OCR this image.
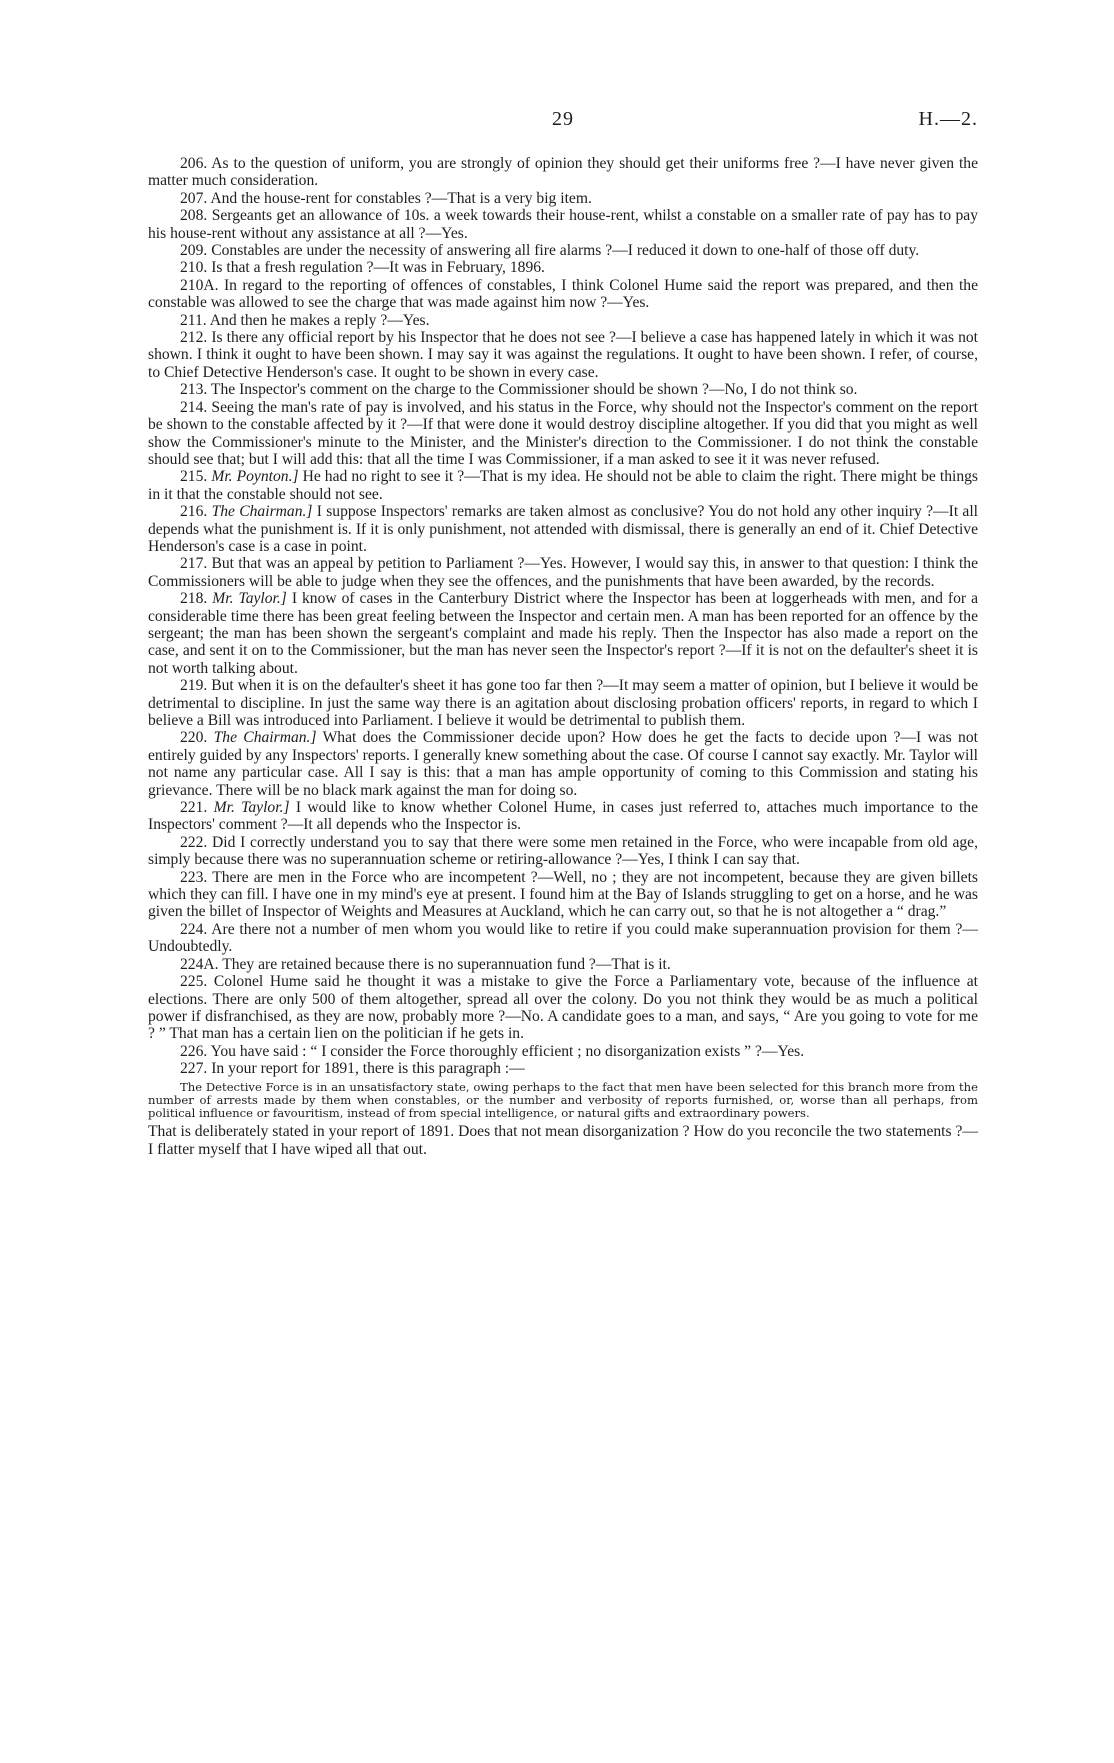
29	H.—2.

206. As to the question of uniform, you are strongly of opinion they should get their uniforms free ?—I have never given the matter much consideration.

207. And the house-rent for constables ?—That is a very big item.

208. Sergeants get an allowance of 10s. a week towards their house-rent, whilst a constable on a smaller rate of pay has to pay his house-rent without any assistance at all ?—Yes.

209. Constables are under the necessity of answering all fire alarms ?—I reduced it down to one-half of those off duty.

210. Is that a fresh regulation ?—It was in February, 1896.

210A. In regard to the reporting of offences of constables, I think Colonel Hume said the report was prepared, and then the constable was allowed to see the charge that was made against him now ?—Yes.

211. And then he makes a reply ?—Yes.

212. Is there any official report by his Inspector that he does not see ?—I believe a case has happened lately in which it was not shown. I think it ought to have been shown. I may say it was against the regulations. It ought to have been shown. I refer, of course, to Chief Detective Henderson's case. It ought to be shown in every case.

213. The Inspector's comment on the charge to the Commissioner should be shown ?—No, I do not think so.

214. Seeing the man's rate of pay is involved, and his status in the Force, why should not the Inspector's comment on the report be shown to the constable affected by it ?—If that were done it would destroy discipline altogether. If you did that you might as well show the Commissioner's minute to the Minister, and the Minister's direction to the Commissioner. I do not think the constable should see that; but I will add this: that all the time I was Commissioner, if a man asked to see it it was never refused.

215. Mr. Poynton.] He had no right to see it ?—That is my idea. He should not be able to claim the right. There might be things in it that the constable should not see.

216. The Chairman.] I suppose Inspectors' remarks are taken almost as conclusive? You do not hold any other inquiry ?—It all depends what the punishment is. If it is only punishment, not attended with dismissal, there is generally an end of it. Chief Detective Henderson's case is a case in point.

217. But that was an appeal by petition to Parliament ?—Yes. However, I would say this, in answer to that question: I think the Commissioners will be able to judge when they see the offences, and the punishments that have been awarded, by the records.

218. Mr. Taylor.] I know of cases in the Canterbury District where the Inspector has been at loggerheads with men, and for a considerable time there has been great feeling between the Inspector and certain men. A man has been reported for an offence by the sergeant; the man has been shown the sergeant's complaint and made his reply. Then the Inspector has also made a report on the case, and sent it on to the Commissioner, but the man has never seen the Inspector's report ?—If it is not on the defaulter's sheet it is not worth talking about.

219. But when it is on the defaulter's sheet it has gone too far then ?—It may seem a matter of opinion, but I believe it would be detrimental to discipline. In just the same way there is an agitation about disclosing probation officers' reports, in regard to which I believe a Bill was introduced into Parliament. I believe it would be detrimental to publish them.

220. The Chairman.] What does the Commissioner decide upon? How does he get the facts to decide upon ?—I was not entirely guided by any Inspectors' reports. I generally knew something about the case. Of course I cannot say exactly. Mr. Taylor will not name any particular case. All I say is this: that a man has ample opportunity of coming to this Commission and stating his grievance. There will be no black mark against the man for doing so.

221. Mr. Taylor.] I would like to know whether Colonel Hume, in cases just referred to, attaches much importance to the Inspectors' comment ?—It all depends who the Inspector is.

222. Did I correctly understand you to say that there were some men retained in the Force, who were incapable from old age, simply because there was no superannuation scheme or retiring-allowance ?—Yes, I think I can say that.

223. There are men in the Force who are incompetent ?—Well, no ; they are not incompetent, because they are given billets which they can fill. I have one in my mind's eye at present. I found him at the Bay of Islands struggling to get on a horse, and he was given the billet of Inspector of Weights and Measures at Auckland, which he can carry out, so that he is not altogether a “ drag.”

224. Are there not a number of men whom you would like to retire if you could make superannuation provision for them ?—Undoubtedly.

224A. They are retained because there is no superannuation fund ?—That is it.

225. Colonel Hume said he thought it was a mistake to give the Force a Parliamentary vote, because of the influence at elections. There are only 500 of them altogether, spread all over the colony. Do you not think they would be as much a political power if disfranchised, as they are now, probably more ?—No. A candidate goes to a man, and says, “ Are you going to vote for me ? ” That man has a certain lien on the politician if he gets in.

226. You have said : “ I consider the Force thoroughly efficient ; no disorganization exists ” ?—Yes.

227. In your report for 1891, there is this paragraph :—

The Detective Force is in an unsatisfactory state, owing perhaps to the fact that men have been selected for this branch more from the number of arrests made by them when constables, or the number and verbosity of reports furnished, or, worse than all perhaps, from political influence or favouritism, instead of from special intelligence, or natural gifts and extraordinary powers.

That is deliberately stated in your report of 1891. Does that not mean disorganization ? How do you reconcile the two statements ?—I flatter myself that I have wiped all that out.
